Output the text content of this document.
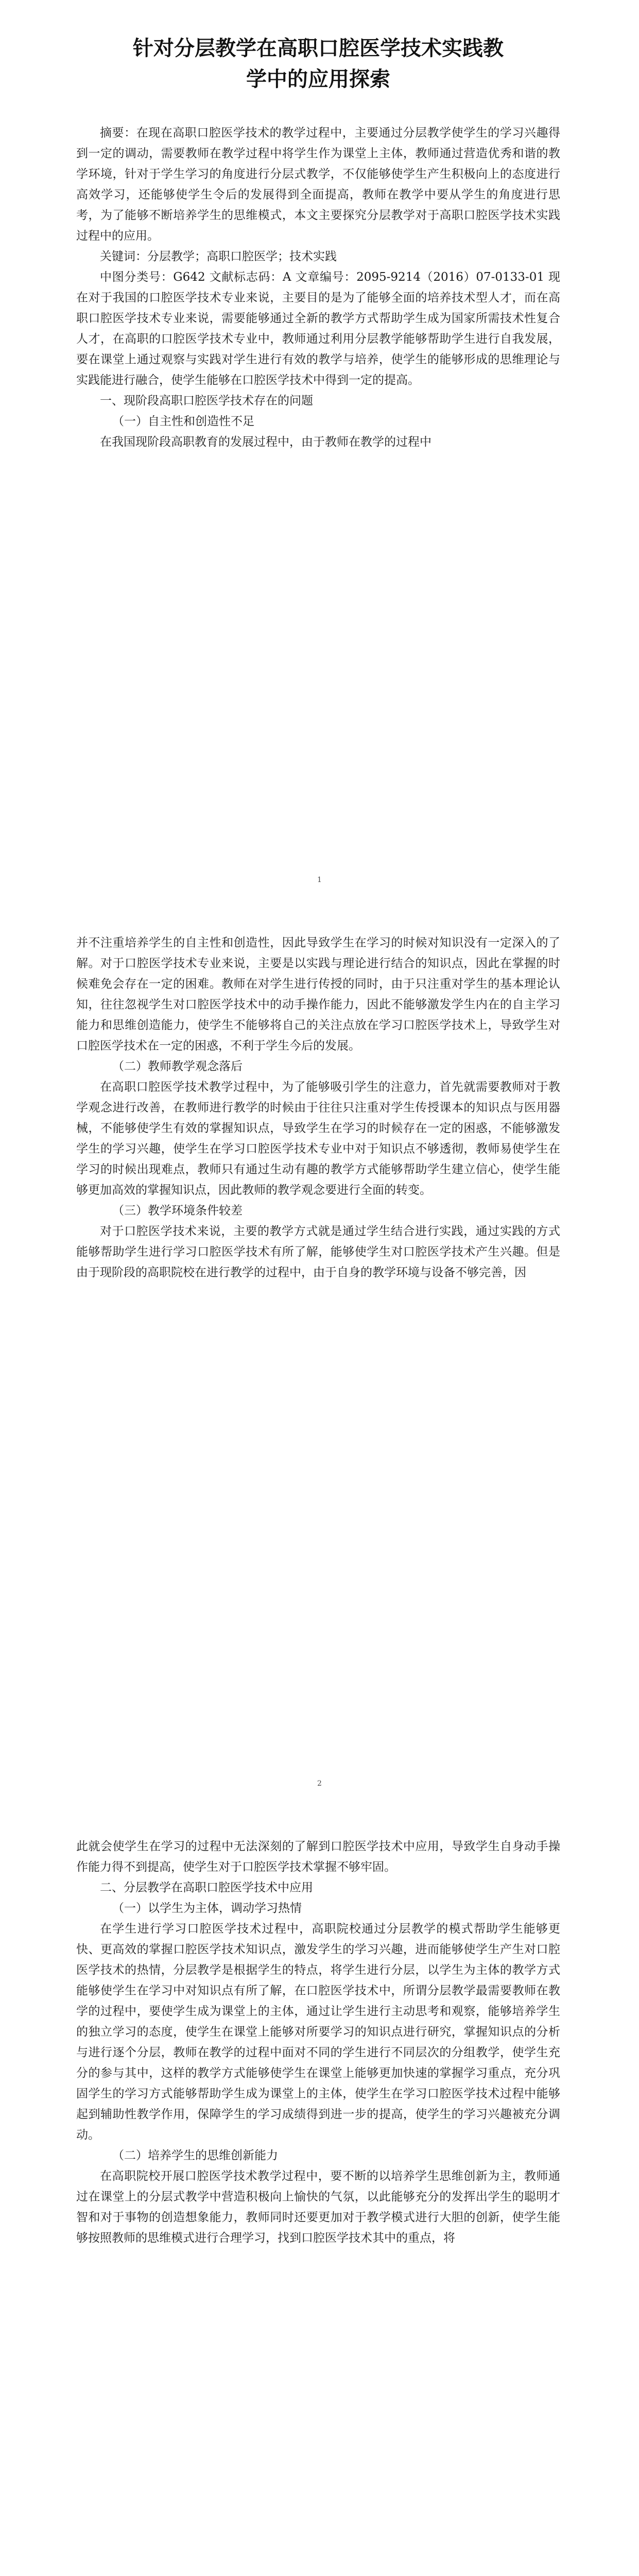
针对分层教学在高职口腔医学技术实践教
学中的应用探索

摘要：在现在高职口腔医学技术的教学过程中，主要通过分层教学使学生的学习兴趣得到一定的调动，需要教师在教学过程中将学生作为课堂上主体，教师通过营造优秀和谐的教学环境，针对于学生学习的角度进行分层式教学，不仅能够使学生产生积极向上的态度进行高效学习，还能够使学生令后的发展得到全面提高，教师在教学中要从学生的角度进行思考，为了能够不断培养学生的思维模式，本文主要探究分层教学对于高职口腔医学技术实践过程中的应用。

关键词：分层教学；高职口腔医学；技术实践

中图分类号：G642 文献标志码：A 文章编号：2095-9214（2016）07-0133-01 现在对于我国的口腔医学技术专业来说，主要目的是为了能够全面的培养技术型人才，而在高职口腔医学技术专业来说，需要能够通过全新的教学方式帮助学生成为国家所需技术性复合人才，在高职的口腔医学技术专业中，教师通过利用分层教学能够帮助学生进行自我发展，要在课堂上通过观察与实践对学生进行有效的教学与培养，使学生的能够形成的思维理论与实践能进行融合，使学生能够在口腔医学技术中得到一定的提高。

一、现阶段高职口腔医学技术存在的问题

（一）自主性和创造性不足

在我国现阶段高职教育的发展过程中，由于教师在教学的过程中

1

并不注重培养学生的自主性和创造性，因此导致学生在学习的时候对知识没有一定深入的了解。对于口腔医学技术专业来说，主要是以实践与理论进行结合的知识点，因此在掌握的时候难免会存在一定的困难。教师在对学生进行传授的同时，由于只注重对学生的基本理论认知，往往忽视学生对口腔医学技术中的动手操作能力，因此不能够激发学生内在的自主学习能力和思维创造能力，使学生不能够将自己的关注点放在学习口腔医学技术上，导致学生对口腔医学技术在一定的困惑，不利于学生今后的发展。

（二）教师教学观念落后

在高职口腔医学技术教学过程中，为了能够吸引学生的注意力，首先就需要教师对于教学观念进行改善，在教师进行教学的时候由于往往只注重对学生传授课本的知识点与医用器械，不能够使学生有效的掌握知识点，导致学生在学习的时候存在一定的困惑，不能够激发学生的学习兴趣，使学生在学习口腔医学技术专业中对于知识点不够透彻，教师易使学生在学习的时候出现难点，教师只有通过生动有趣的教学方式能够帮助学生建立信心，使学生能够更加高效的掌握知识点，因此教师的教学观念要进行全面的转变。

（三）教学环境条件较差

对于口腔医学技术来说，主要的教学方式就是通过学生结合进行实践，通过实践的方式能够帮助学生进行学习口腔医学技术有所了解，能够使学生对口腔医学技术产生兴趣。但是由于现阶段的高职院校在进行教学的过程中，由于自身的教学环境与设备不够完善，因

2

此就会使学生在学习的过程中无法深刻的了解到口腔医学技术中应用，导致学生自身动手操作能力得不到提高，使学生对于口腔医学技术掌握不够牢固。

二、分层教学在高职口腔医学技术中应用

（一）以学生为主体，调动学习热情

在学生进行学习口腔医学技术过程中，高职院校通过分层教学的模式帮助学生能够更快、更高效的掌握口腔医学技术知识点，激发学生的学习兴趣，进而能够使学生产生对口腔医学技术的热情，分层教学是根据学生的特点，将学生进行分层，以学生为主体的教学方式能够使学生在学习中对知识点有所了解，在口腔医学技术中，所谓分层教学最需要教师在教学的过程中，要使学生成为课堂上的主体，通过让学生进行主动思考和观察，能够培养学生的独立学习的态度，使学生在课堂上能够对所要学习的知识点进行研究，掌握知识点的分析与进行逐个分层，教师在教学的过程中面对不同的学生进行不同层次的分组教学，使学生充分的参与其中，这样的教学方式能够使学生在课堂上能够更加快速的掌握学习重点，充分巩固学生的学习方式能够帮助学生成为课堂上的主体，使学生在学习口腔医学技术过程中能够起到辅助性教学作用，保障学生的学习成绩得到进一步的提高，使学生的学习兴趣被充分调动。

（二）培养学生的思维创新能力

在高职院校开展口腔医学技术教学过程中，要不断的以培养学生思维创新为主，教师通过在课堂上的分层式教学中营造积极向上愉快的气氛，以此能够充分的发挥出学生的聪明才智和对于事物的创造想象能力，教师同时还要更加对于教学模式进行大胆的创新，使学生能够按照教师的思维模式进行合理学习，找到口腔医学技术其中的重点，将
